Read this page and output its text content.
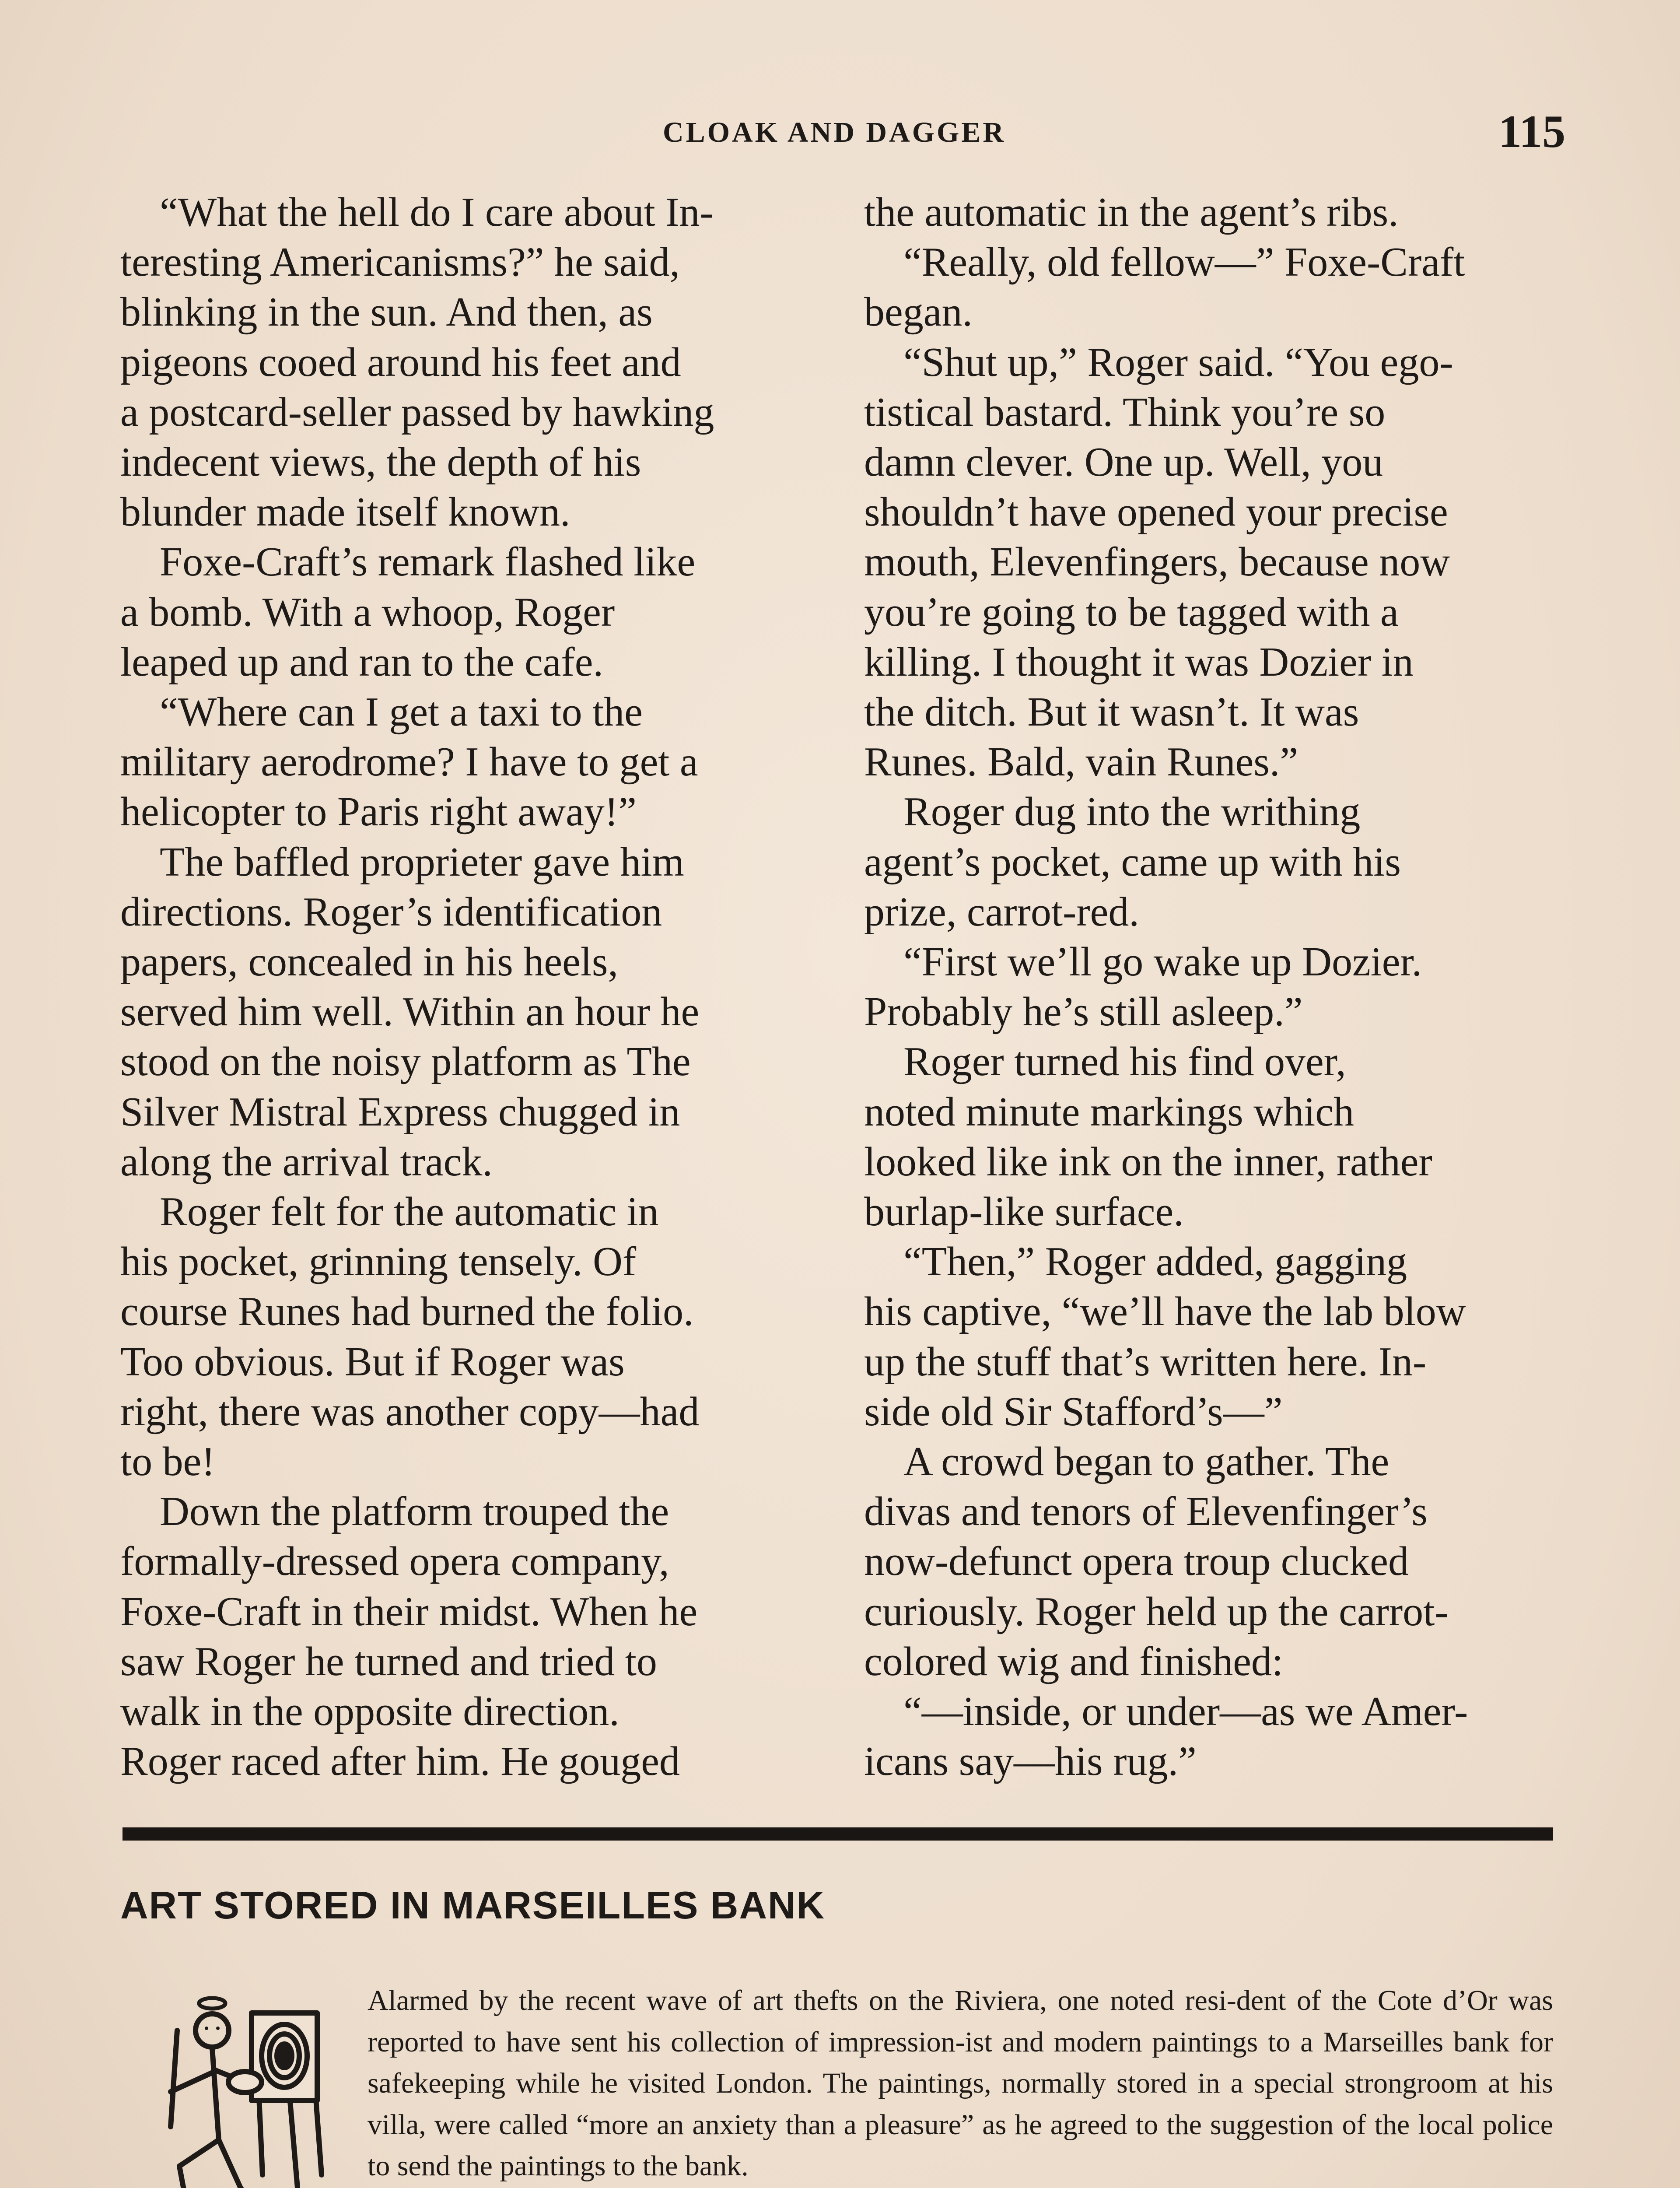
CLOAK AND DAGGER	115

“What the hell do I care about In-
teresting Americanisms?” he said,
blinking in the sun. And then, as
pigeons cooed around his feet and
a postcard-seller passed by hawking
indecent views, the depth of his
blunder made itself known.

Foxe-Craft’s remark flashed like
a bomb. With a whoop, Roger
leaped up and ran to the cafe.

“Where can I get a taxi to the
military aerodrome? I have to get a
helicopter to Paris right away!”

The baffled proprieter gave him
directions. Roger’s identification
papers, concealed in his heels,
served him well. Within an hour he
stood on the noisy platform as The
Silver Mistral Express chugged in
along the arrival track.

Roger felt for the automatic in
his pocket, grinning tensely. Of
course Runes had burned the folio.
Too obvious. But if Roger was
right, there was another copy—had
to be!

Down the platform trouped the
formally-dressed opera company,
Foxe-Craft in their midst. When he
saw Roger he turned and tried to
walk in the opposite direction.
Roger raced after him. He gouged

the automatic in the agent’s ribs.

“Really, old fellow—” Foxe-Craft
began.

“Shut up,” Roger said. “You ego-
tistical bastard. Think you’re so
damn clever. One up. Well, you
shouldn’t have opened your precise
mouth, Elevenfingers, because now
you’re going to be tagged with a
killing. I thought it was Dozier in
the ditch. But it wasn’t. It was
Runes. Bald, vain Runes.”

Roger dug into the writhing
agent’s pocket, came up with his
prize, carrot-red.

“First we’ll go wake up Dozier.
Probably he’s still asleep.”

Roger turned his find over,
noted minute markings which
looked like ink on the inner, rather
burlap-like surface.

“Then,” Roger added, gagging
his captive, “we’ll have the lab blow
up the stuff that’s written here. In-
side old Sir Stafford’s—”

A crowd began to gather. The
divas and tenors of Elevenfinger’s
now-defunct opera troup clucked
curiously. Roger held up the carrot-
colored wig and finished:

“—inside, or under—as we Amer-
icans say—his rug.”

ART STORED IN MARSEILLES BANK
Alarmed by the recent wave of art thefts on the Riviera, one noted resi-dent of the Cote d’Or was reported to have sent his collection of impression-ist and modern paintings to a Marseilles bank for safekeeping while he visited London. The paintings, normally stored in a special strongroom at his villa, were called “more an anxiety than a pleasure” as he agreed to the suggestion of the local police to send the paintings to the bank.
